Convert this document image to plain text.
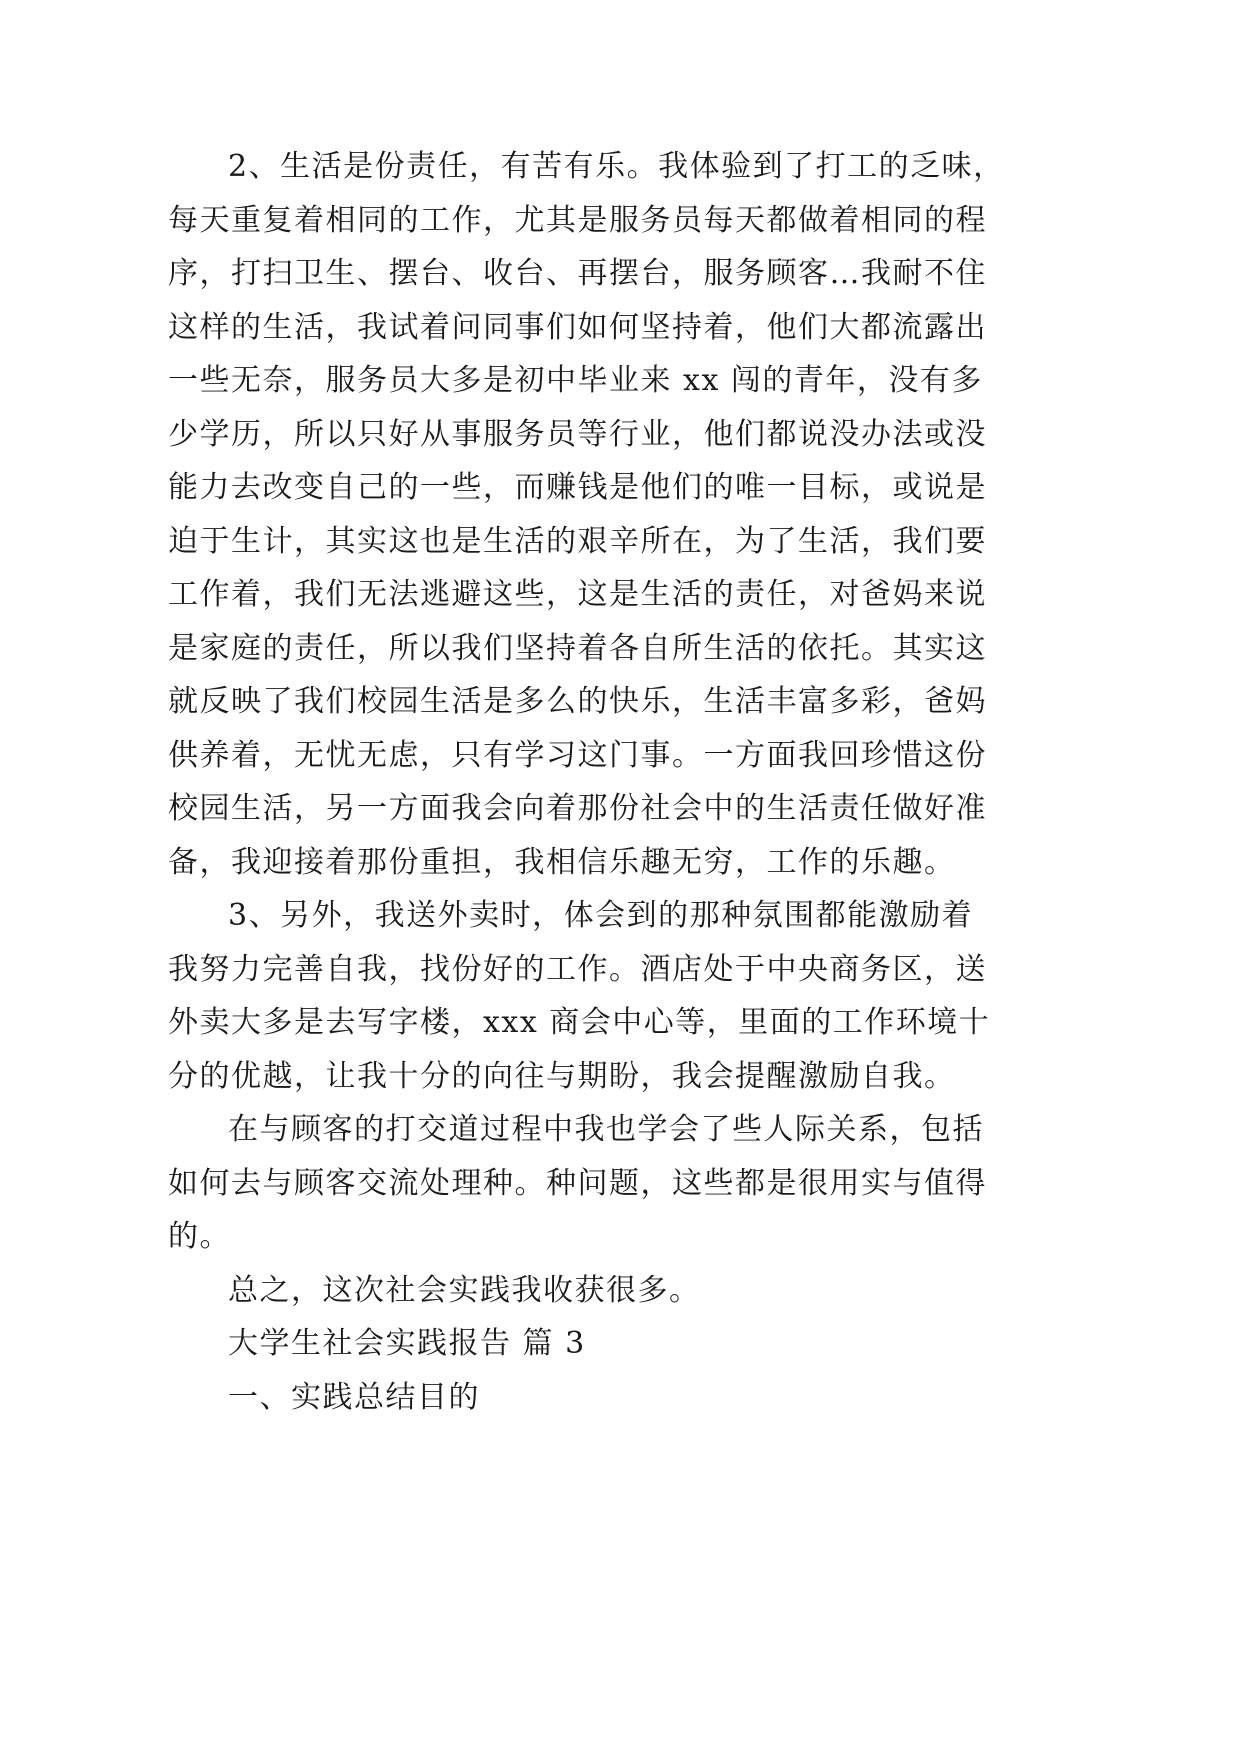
2、生活是份责任，有苦有乐。我体验到了打工的乏味，
每天重复着相同的工作，尤其是服务员每天都做着相同的程
序，打扫卫生、摆台、收台、再摆台，服务顾客…我耐不住
这样的生活，我试着问同事们如何坚持着，他们大都流露出
一些无奈，服务员大多是初中毕业来 xx 闯的青年，没有多
少学历，所以只好从事服务员等行业，他们都说没办法或没
能力去改变自己的一些，而赚钱是他们的唯一目标，或说是
迫于生计，其实这也是生活的艰辛所在，为了生活，我们要
工作着，我们无法逃避这些，这是生活的责任，对爸妈来说
是家庭的责任，所以我们坚持着各自所生活的依托。其实这
就反映了我们校园生活是多么的快乐，生活丰富多彩，爸妈
供养着，无忧无虑，只有学习这门事。一方面我回珍惜这份
校园生活，另一方面我会向着那份社会中的生活责任做好准
备，我迎接着那份重担，我相信乐趣无穷，工作的乐趣。

3、另外，我送外卖时，体会到的那种氛围都能激励着
我努力完善自我，找份好的工作。酒店处于中央商务区，送
外卖大多是去写字楼，xxx 商会中心等，里面的工作环境十
分的优越，让我十分的向往与期盼，我会提醒激励自我。

在与顾客的打交道过程中我也学会了些人际关系，包括
如何去与顾客交流处理种。种问题，这些都是很用实与值得
的。

总之，这次社会实践我收获很多。

大学生社会实践报告 篇 3

一、实践总结目的
